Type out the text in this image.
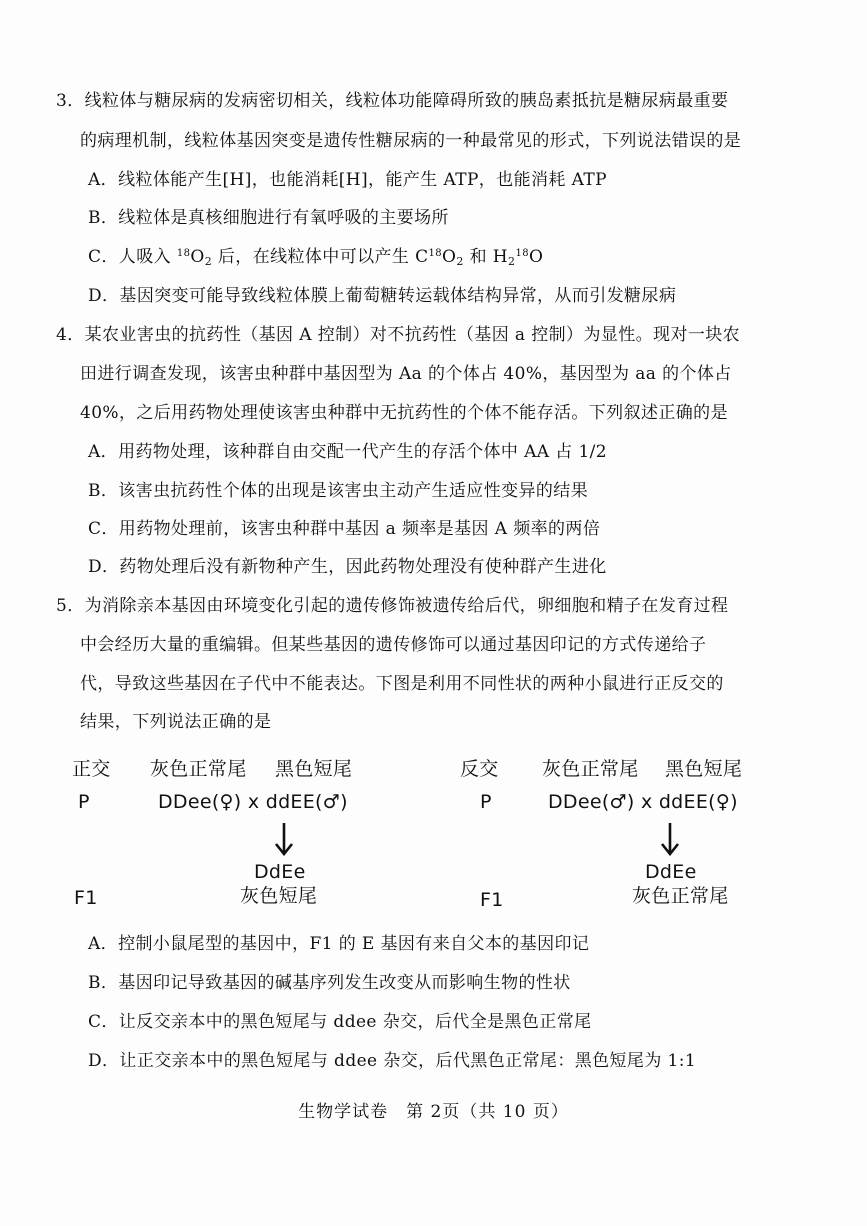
3．线粒体与糖尿病的发病密切相关，线粒体功能障碍所致的胰岛素抵抗是糖尿病最重要
的病理机制，线粒体基因突变是遗传性糖尿病的一种最常见的形式，下列说法错误的是
A．线粒体能产生[H]，也能消耗[H]，能产生 ATP，也能消耗 ATP
B．线粒体是真核细胞进行有氧呼吸的主要场所
C．人吸入 $^{18}O_2$ 后，在线粒体中可以产生 $C^{18}O_2$ 和 $H_2^{18}O$
D．基因突变可能导致线粒体膜上葡萄糖转运载体结构异常，从而引发糖尿病
4．某农业害虫的抗药性（基因 A 控制）对不抗药性（基因 a 控制）为显性。现对一块农
田进行调查发现，该害虫种群中基因型为 Aa 的个体占 40%，基因型为 aa 的个体占
40%，之后用药物处理使该害虫种群中无抗药性的个体不能存活。下列叙述正确的是
A．用药物处理，该种群自由交配一代产生的存活个体中 AA 占 1/2
B．该害虫抗药性个体的出现是该害虫主动产生适应性变异的结果
C．用药物处理前，该害虫种群中基因 a 频率是基因 A 频率的两倍
D．药物处理后没有新物种产生，因此药物处理没有使种群产生进化
5．为消除亲本基因由环境变化引起的遗传修饰被遗传给后代，卵细胞和精子在发育过程
中会经历大量的重编辑。但某些基因的遗传修饰可以通过基因印记的方式传递给子
代，导致这些基因在子代中不能表达。下图是利用不同性状的两种小鼠进行正反交的
结果，下列说法正确的是
正交 灰色正常尾 黑色短尾
P	DDee(♀) x ddEE(♂)
DdEe
F1	灰色短尾
反交 灰色正常尾 黑色短尾
P	DDee(♂) x ddEE(♀)
DdEe
F1	灰色正常尾
A．控制小鼠尾型的基因中，F1 的 E 基因有来自父本的基因印记
B．基因印记导致基因的碱基序列发生改变从而影响生物的性状
C．让反交亲本中的黑色短尾与 ddee 杂交，后代全是黑色正常尾
D．让正交亲本中的黑色短尾与 ddee 杂交，后代黑色正常尾：黑色短尾为 1:1
生物学试卷　第 2页（共 10 页）
